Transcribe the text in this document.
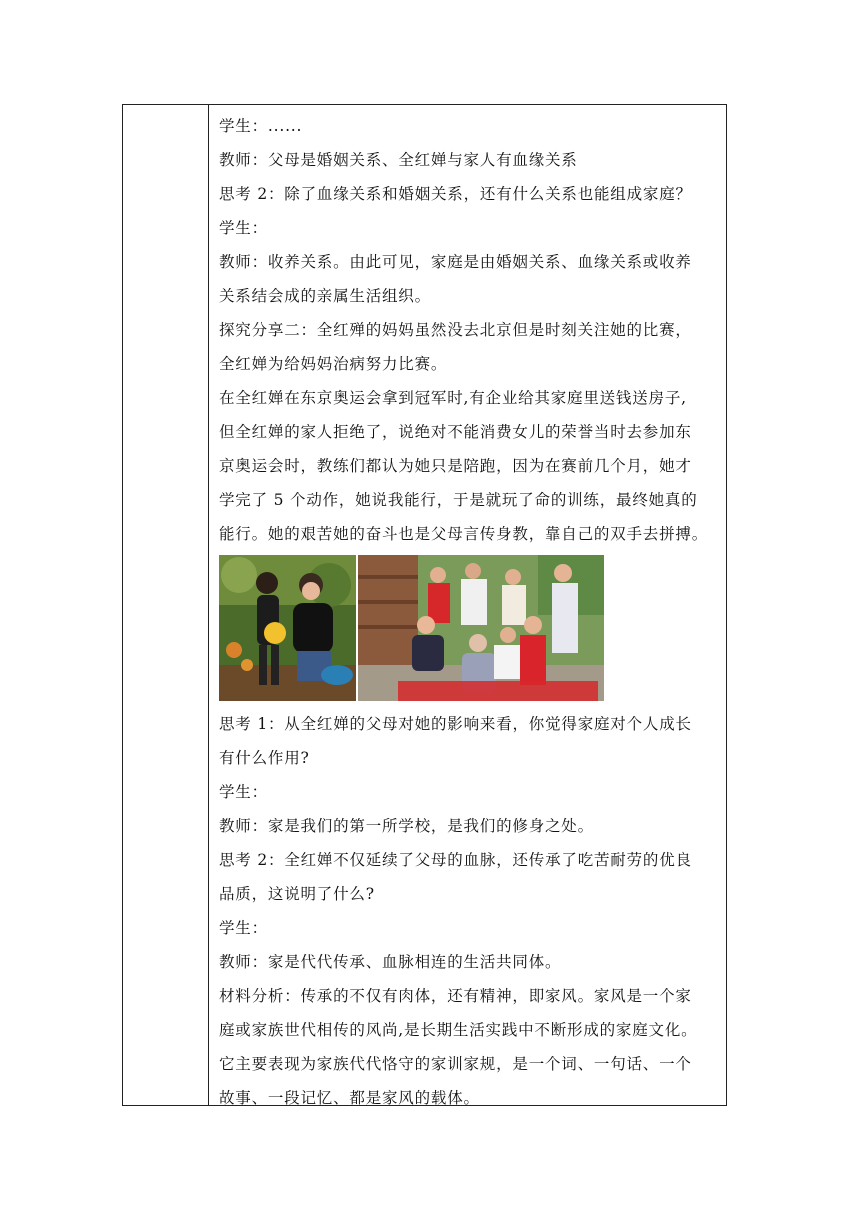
学生：......
教师：父母是婚姻关系、全红婵与家人有血缘关系
思考 2：除了血缘关系和婚姻关系，还有什么关系也能组成家庭？
学生：
教师：收养关系。由此可见，家庭是由婚姻关系、血缘关系或收养
关系结会成的亲属生活组织。
探究分享二：全红殚的妈妈虽然没去北京但是时刻关注她的比赛，
全红婵为给妈妈治病努力比赛。
在全红婵在东京奥运会拿到冠军时,有企业给其家庭里送钱送房子,
但全红婵的家人拒绝了，说绝对不能消费女儿的荣誉当时去参加东
京奥运会时，教练们都认为她只是陪跑，因为在赛前几个月，她才
学完了 5 个动作，她说我能行，于是就玩了命的训练，最终她真的
能行。她的艰苦她的奋斗也是父母言传身教，靠自己的双手去拼搏。
思考 1：从全红婵的父母对她的影响来看，你觉得家庭对个人成长
有什么作用?
学生：
教师：家是我们的第一所学校，是我们的修身之处。
思考 2：全红婵不仅延续了父母的血脉，还传承了吃苦耐劳的优良
品质，这说明了什么?
学生：
教师：家是代代传承、血脉相连的生活共同体。
材料分析：传承的不仅有肉体，还有精神，即家风。家风是一个家
庭或家族世代相传的风尚,是长期生活实践中不断形成的家庭文化。
它主要表现为家族代代恪守的家训家规，是一个词、一句话、一个
故事、一段记忆、都是家风的载体。
